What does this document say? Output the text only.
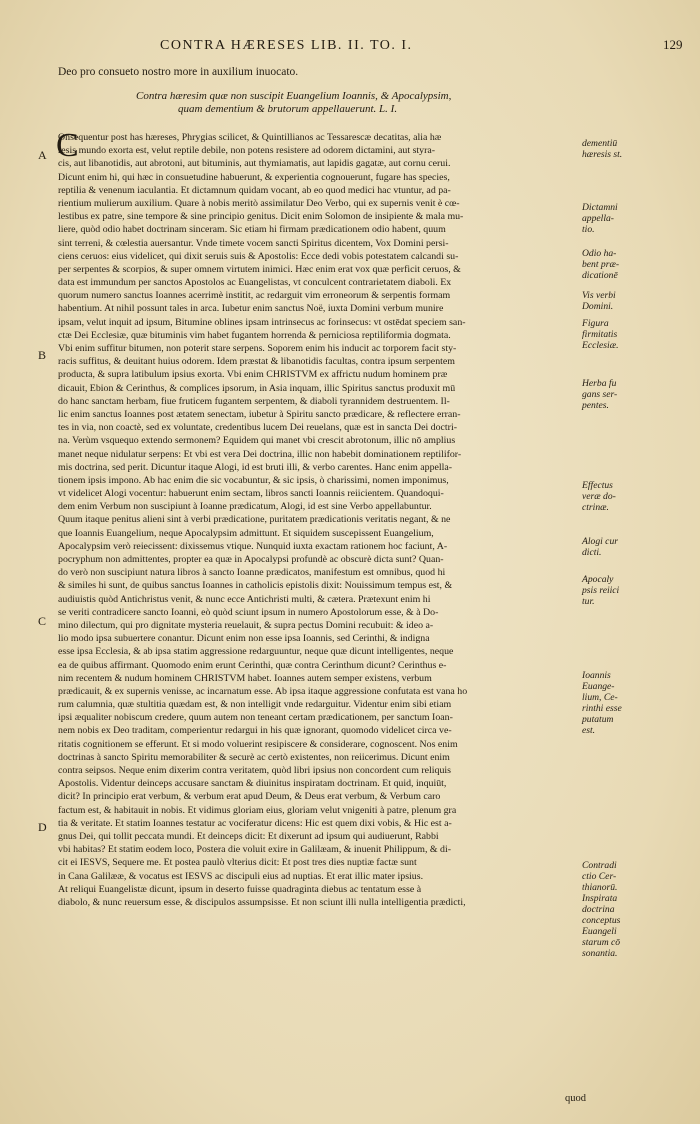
CONTRA HÆRESES LIB. II. TO. I.	129
Deo pro consueto nostro more in auxilium inuocato.
Contra hæresim quæ non suscipit Euangelium Ioannis, & Apocalypsim,
quam dementium & brutorum appellauerunt. L. I.
C
A
B
C
D

Onsequentur post has hæreses, Phrygias scilicet, & Quintillianos ac Tessarescæ decatitas, alia hæ
resis mundo exorta est, velut reptile debile, non potens resistere ad odorem dictamini, aut styra-
cis, aut libanotidis, aut abrotoni, aut bituminis, aut thymiamatis, aut lapidis gagatæ, aut cornu cerui.
Dicunt enim hi, qui hæc in consuetudine habuerunt, & experientia cognouerunt, fugare has species,
reptilia & venenum iaculantia. Et dictamnum quidam vocant, ab eo quod medici hac vtuntur, ad pa-
rientium mulierum auxilium. Quare à nobis meritò assimilatur Deo Verbo, qui ex supernis venit è cœ-
lestibus ex patre, sine tempore & sine principio genitus. Dicit enim Solomon de insipiente & mala mu-
liere, quòd odio habet doctrinam sinceram. Sic etiam hi firmam prædicationem odio habent, quum
sint terreni, & cœlestia auersantur. Vnde timete vocem sancti Spiritus dicentem, Vox Domini persi-
ciens ceruos: eius videlicet, qui dixit seruis suis & Apostolis: Ecce dedi vobis potestatem calcandi su-
per serpentes & scorpios, & super omnem virtutem inimici. Hæc enim erat vox quæ perficit ceruos, &
data est immundum per sanctos Apostolos ac Euangelistas, vt conculcent contrarietatem diaboli. Ex
quorum numero sanctus Ioannes acerrimè institit, ac redarguit vim erroneorum & serpentis formam
habentium. At nihil possunt tales in arca. Iubetur enim sanctus Noë, iuxta Domini verbum munire
ipsam, velut inquit ad ipsum, Bitumine oblines ipsam intrinsecus ac forinsecus: vt ostēdat speciem san-
ctæ Dei Ecclesiæ, quæ bituminis vim habet fugantem horrenda & perniciosa reptiliformia dogmata.
Vbi enim suffitur bitumen, non poterit stare serpens. Soporem enim his inducit ac torporem facit sty-
racis suffitus, & deuitant huius odorem. Idem præstat & libanotidis facultas, contra ipsum serpentem
producta, & supra latibulum ipsius exorta. Vbi enim CHRISTVM ex affrictu nudum hominem præ
dicauit, Ebion & Cerinthus, & complices ipsorum, in Asia inquam, illic Spiritus sanctus produxit mū
do hanc sanctam herbam, fiue fruticem fugantem serpentem, & diaboli tyrannidem destruentem. Il-
lic enim sanctus Ioannes post ætatem senectam, iubetur à Spiritu sancto prædicare, & reflectere erran-
tes in via, non coactè, sed ex voluntate, credentibus lucem Dei reuelans, quæ est in sancta Dei doctri-
na. Verùm vsquequo extendo sermonem? Equidem qui manet vbi crescit abrotonum, illic nō amplius
manet neque nidulatur serpens: Et vbi est vera Dei doctrina, illic non habebit dominationem reptilifor-
mis doctrina, sed perit. Dicuntur itaque Alogi, id est bruti illi, & verbo carentes. Hanc enim appella-
tionem ipsis impono. Ab hac enim die sic vocabuntur, & sic ipsis, ò charissimi, nomen imponimus,
vt videlicet Alogi vocentur: habuerunt enim sectam, libros sancti Ioannis reiicientem. Quandoqui-
dem enim Verbum non suscipiunt à Ioanne prædicatum, Alogi, id est sine Verbo appellabuntur.
Quum itaque penitus alieni sint à verbi prædicatione, puritatem prædicationis veritatis negant, & ne
que Ioannis Euangelium, neque Apocalypsim admittunt. Et siquidem suscepissent Euangelium,
Apocalypsim verò reiecissent: dixissemus vtique. Nunquid iuxta exactam rationem hoc faciunt, A-
pocryphum non admittentes, propter ea quæ in Apocalypsi profundè ac obscurè dicta sunt? Quan-
do verò non suscipiunt natura libros à sancto Ioanne prædicatos, manifestum est omnibus, quod hi
& similes hi sunt, de quibus sanctus Ioannes in catholicis epistolis dixit: Nouissimum tempus est, &
audiuistis quòd Antichristus venit, & nunc ecce Antichristi multi, & cætera. Prætexunt enim hi
se veriti contradicere sancto Ioanni, eò quòd sciunt ipsum in numero Apostolorum esse, & à Do-
mino dilectum, qui pro dignitate mysteria reuelauit, & supra pectus Domini recubuit: & ideo a-
lio modo ipsa subuertere conantur. Dicunt enim non esse ipsa Ioannis, sed Cerinthi, & indigna
esse ipsa Ecclesia, & ab ipsa statim aggressione redarguuntur, neque quæ dicunt intelligentes, neque
ea de quibus affirmant. Quomodo enim erunt Cerinthi, quæ contra Cerinthum dicunt? Cerinthus e-
nim recentem & nudum hominem CHRISTVM habet. Ioannes autem semper existens, verbum
prædicauit, & ex supernis venisse, ac incarnatum esse. Ab ipsa itaque aggressione confutata est vana ho
rum calumnia, quæ stultitia quædam est, & non intelligit vnde redarguitur. Videntur enim sibi etiam
ipsi æqualiter nobiscum credere, quum autem non teneant certam prædicationem, per sanctum Ioan-
nem nobis ex Deo traditam, comperientur redargui in his quæ ignorant, quomodo videlicet circa ve-
ritatis cognitionem se efferunt. Et si modo voluerint resipiscere & considerare, cognoscent. Nos enim
doctrinas à sancto Spiritu memorabiliter & securè ac certò existentes, non reiicerimus. Dicunt enim
contra seipsos. Neque enim dixerim contra veritatem, quòd libri ipsius non concordent cum reliquis
Apostolis. Videntur deinceps accusare sanctam & diuinitus inspiratam doctrinam. Et quid, inquiūt,
dicit? In principio erat verbum, & verbum erat apud Deum, & Deus erat verbum, & Verbum caro
factum est, & habitauit in nobis. Et vidimus gloriam eius, gloriam velut vnigeniti à patre, plenum gra
tia & veritate. Et statim Ioannes testatur ac vociferatur dicens: Hic est quem dixi vobis, & Hic est a-
gnus Dei, qui tollit peccata mundi. Et deinceps dicit: Et dixerunt ad ipsum qui audiuerunt, Rabbi
vbi habitas? Et statim eodem loco, Postera die voluit exire in Galilæam, & inuenit Philippum, & di-
cit ei IESVS, Sequere me. Et postea paulò vlterius dicit: Et post tres dies nuptiæ factæ sunt
in Cana Galilææ, & vocatus est IESVS ac discipuli eius ad nuptias. Et erat illic mater ipsius.
At reliqui Euangelistæ dicunt, ipsum in deserto fuisse quadraginta diebus ac tentatum esse à
diabolo, & nunc reuersum esse, & discipulos assumpsisse. Et non sciunt illi nulla intelligentia prædicti,

dementiū
hæresis st.
Dictamni
appella-
tio.
Odio ha-
bent præ-
dicationē
Vis verbi
Domini.
Figura
firmitatis
Ecclesiæ.
Herba fu
gans ser-
pentes.
Effectus
veræ do-
ctrinæ.
Alogi cur
dicti.
Apocaly
psis reiici
tur.
Ioannis
Euange-
lium, Ce-
rinthi esse
putatum
est.
Contradi
ctio Cer-
thianorū.
Inspirata
doctrina
conceptus
Euangeli
starum cō
sonantia.
quod
